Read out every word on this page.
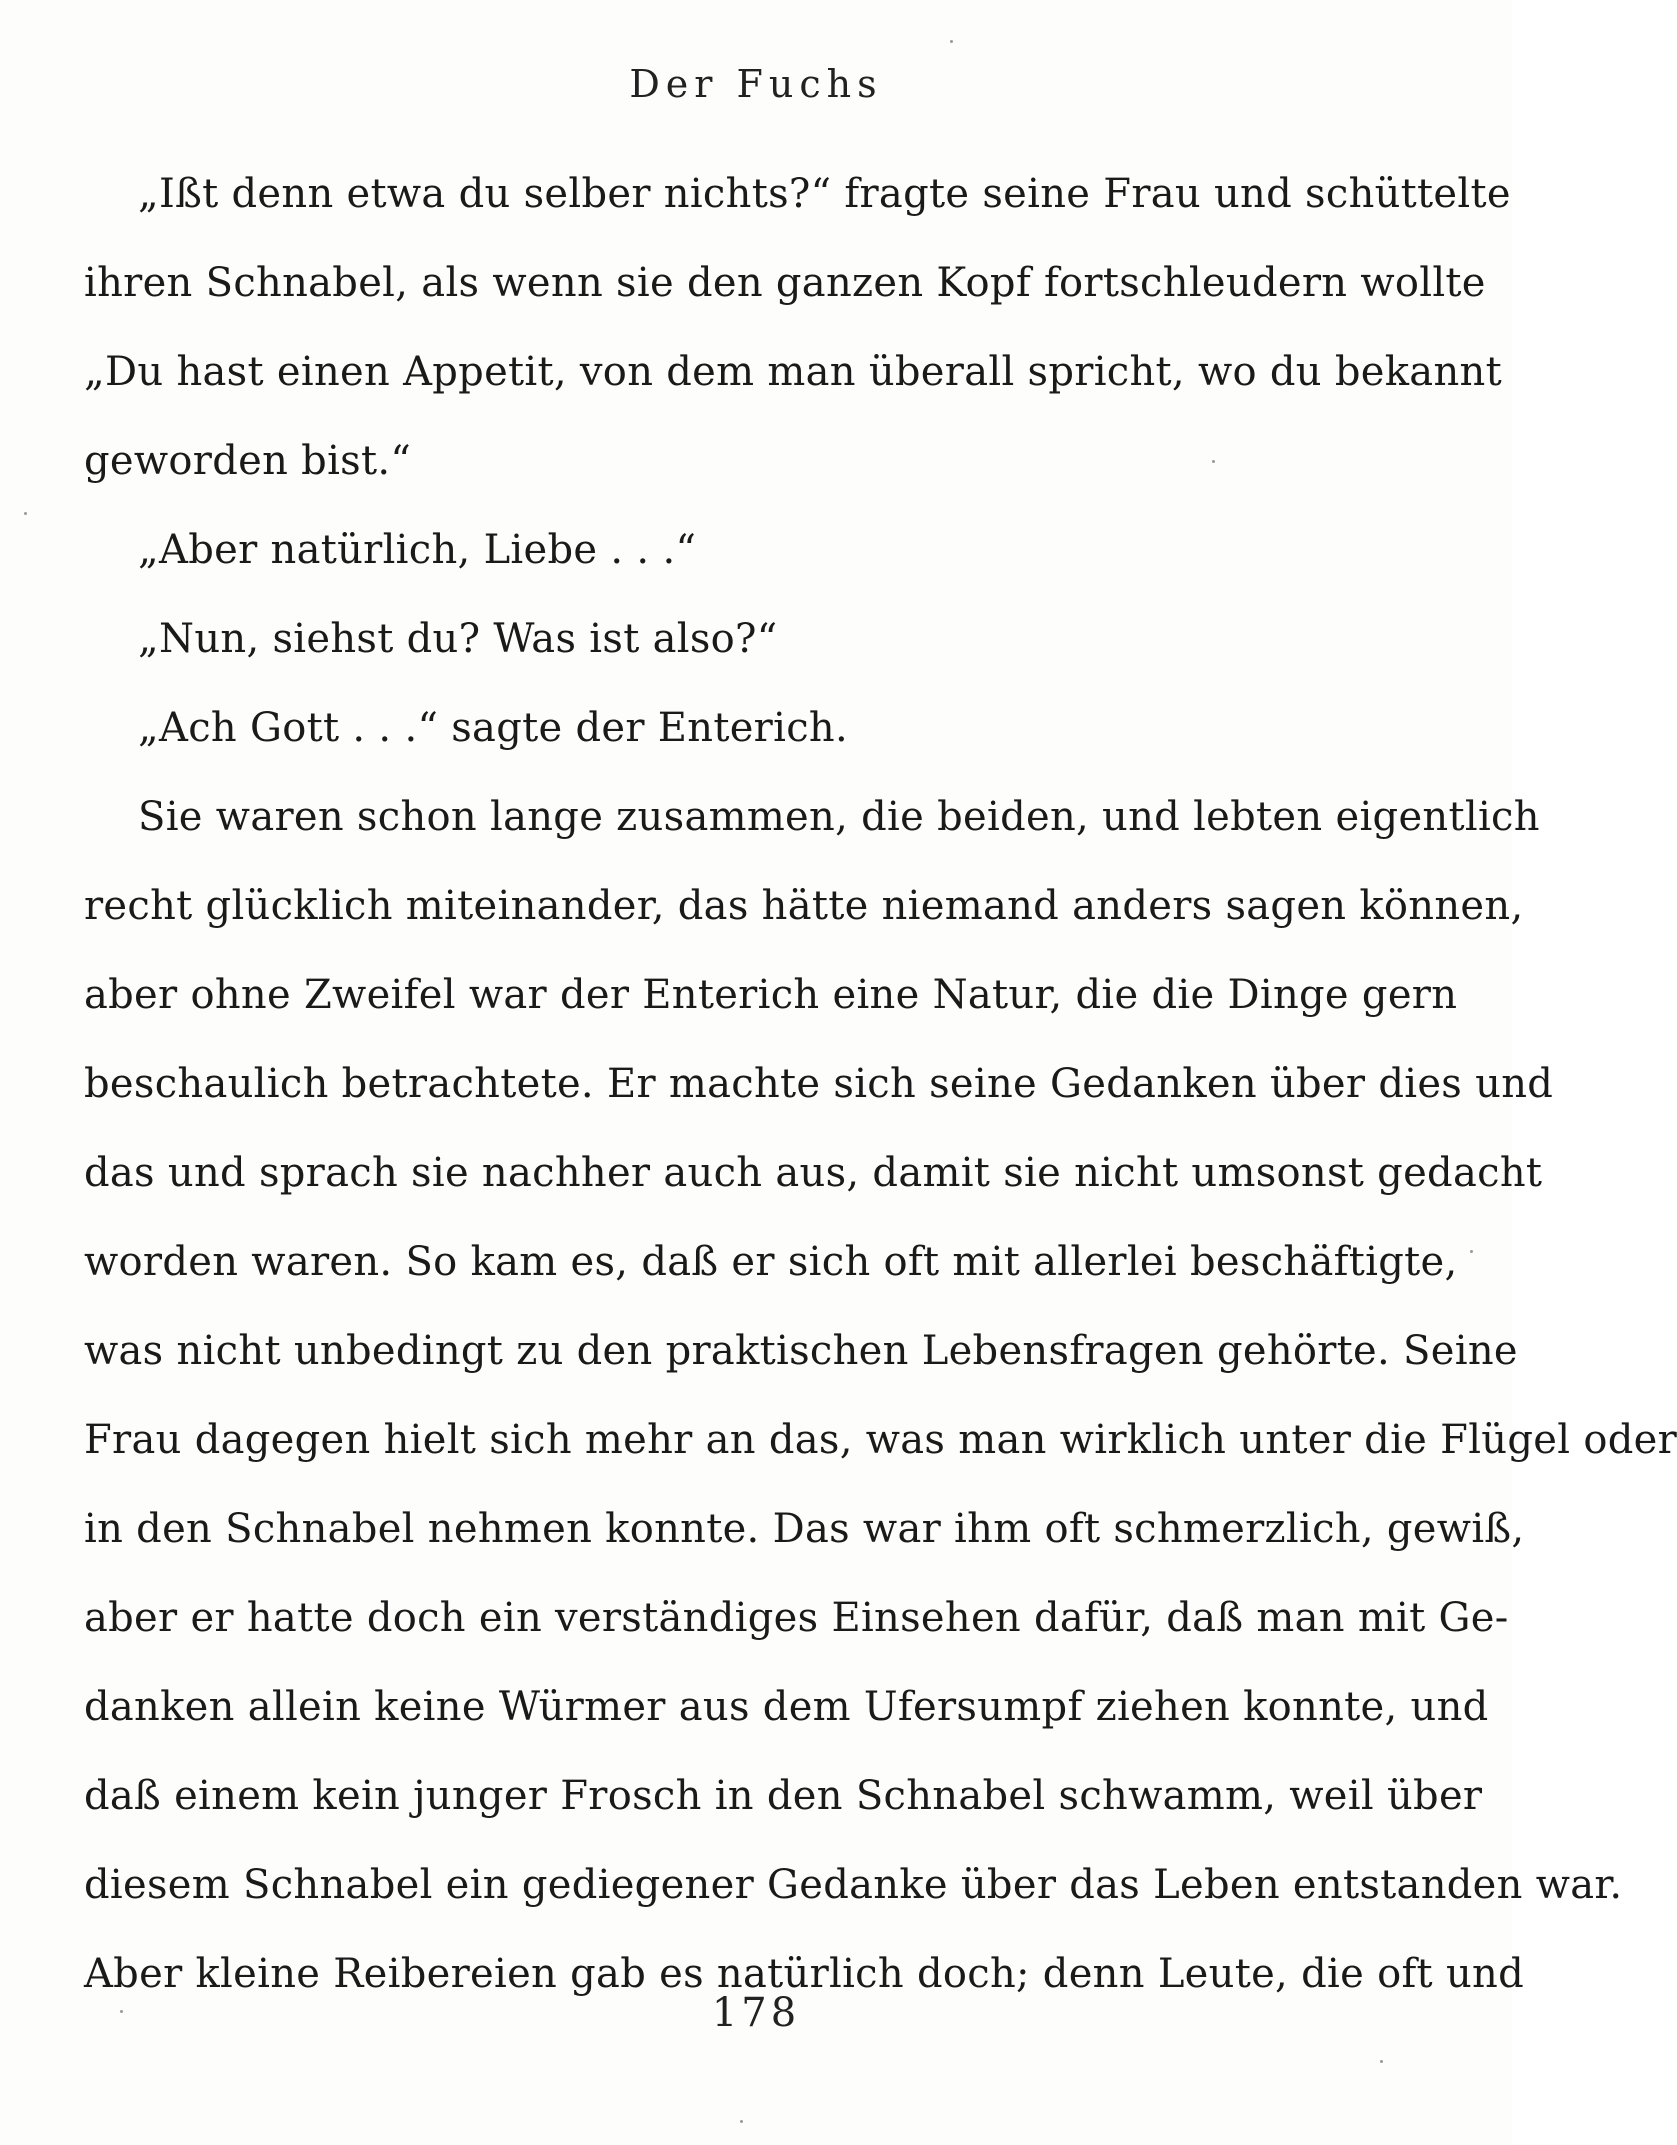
Der Fuchs
„Ißt denn etwa du selber nichts?“ fragte seine Frau und schüttelte
ihren Schnabel, als wenn sie den ganzen Kopf fortschleudern wollte
„Du hast einen Appetit, von dem man überall spricht, wo du bekannt
geworden bist.“
„Aber natürlich, Liebe . . .“
„Nun, siehst du? Was ist also?“
„Ach Gott . . .“ sagte der Enterich.
Sie waren schon lange zusammen, die beiden, und lebten eigentlich
recht glücklich miteinander, das hätte niemand anders sagen können,
aber ohne Zweifel war der Enterich eine Natur, die die Dinge gern
beschaulich betrachtete. Er machte sich seine Gedanken über dies und
das und sprach sie nachher auch aus, damit sie nicht umsonst gedacht
worden waren. So kam es, daß er sich oft mit allerlei beschäftigte,
was nicht unbedingt zu den praktischen Lebensfragen gehörte. Seine
Frau dagegen hielt sich mehr an das, was man wirklich unter die Flügel oder
in den Schnabel nehmen konnte. Das war ihm oft schmerzlich, gewiß,
aber er hatte doch ein verständiges Einsehen dafür, daß man mit Ge-
danken allein keine Würmer aus dem Ufersumpf ziehen konnte, und
daß einem kein junger Frosch in den Schnabel schwamm, weil über
diesem Schnabel ein gediegener Gedanke über das Leben entstanden war.
Aber kleine Reibereien gab es natürlich doch; denn Leute, die oft und
178
